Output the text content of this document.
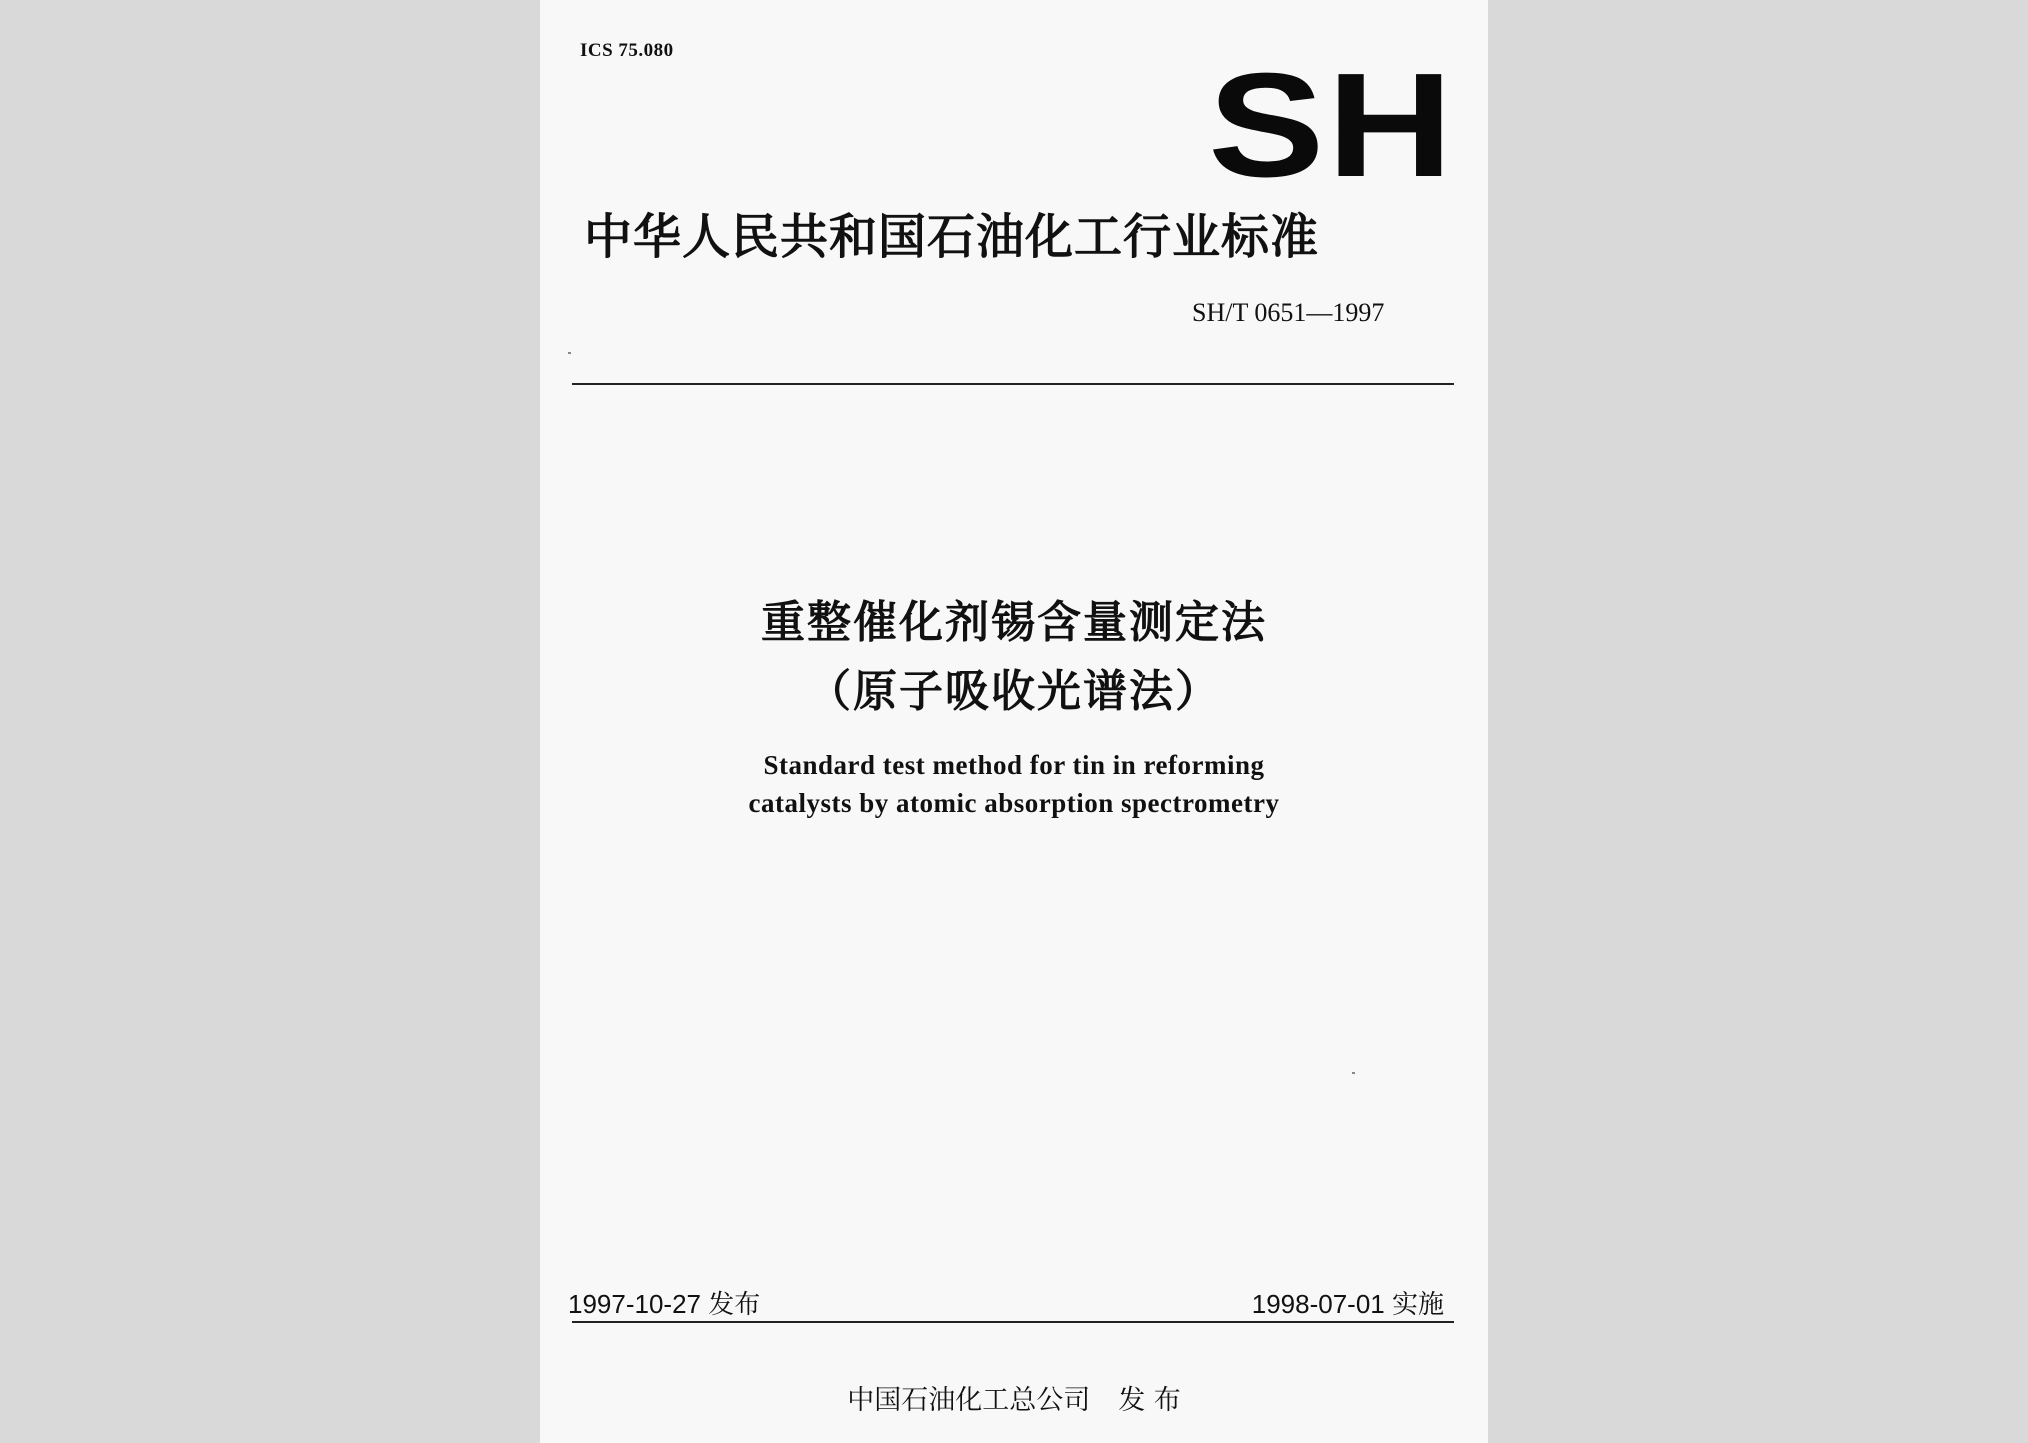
ICS 75.080	SH
中华人民共和国石油化工行业标准
SH/T 0651—1997
重整催化剂锡含量测定法
（原子吸收光谱法）
Standard test method for tin in reforming
catalysts by atomic absorption spectrometry
1997-10-27 发布	1998-07-01 实施
中国石油化工总公司 发 布
